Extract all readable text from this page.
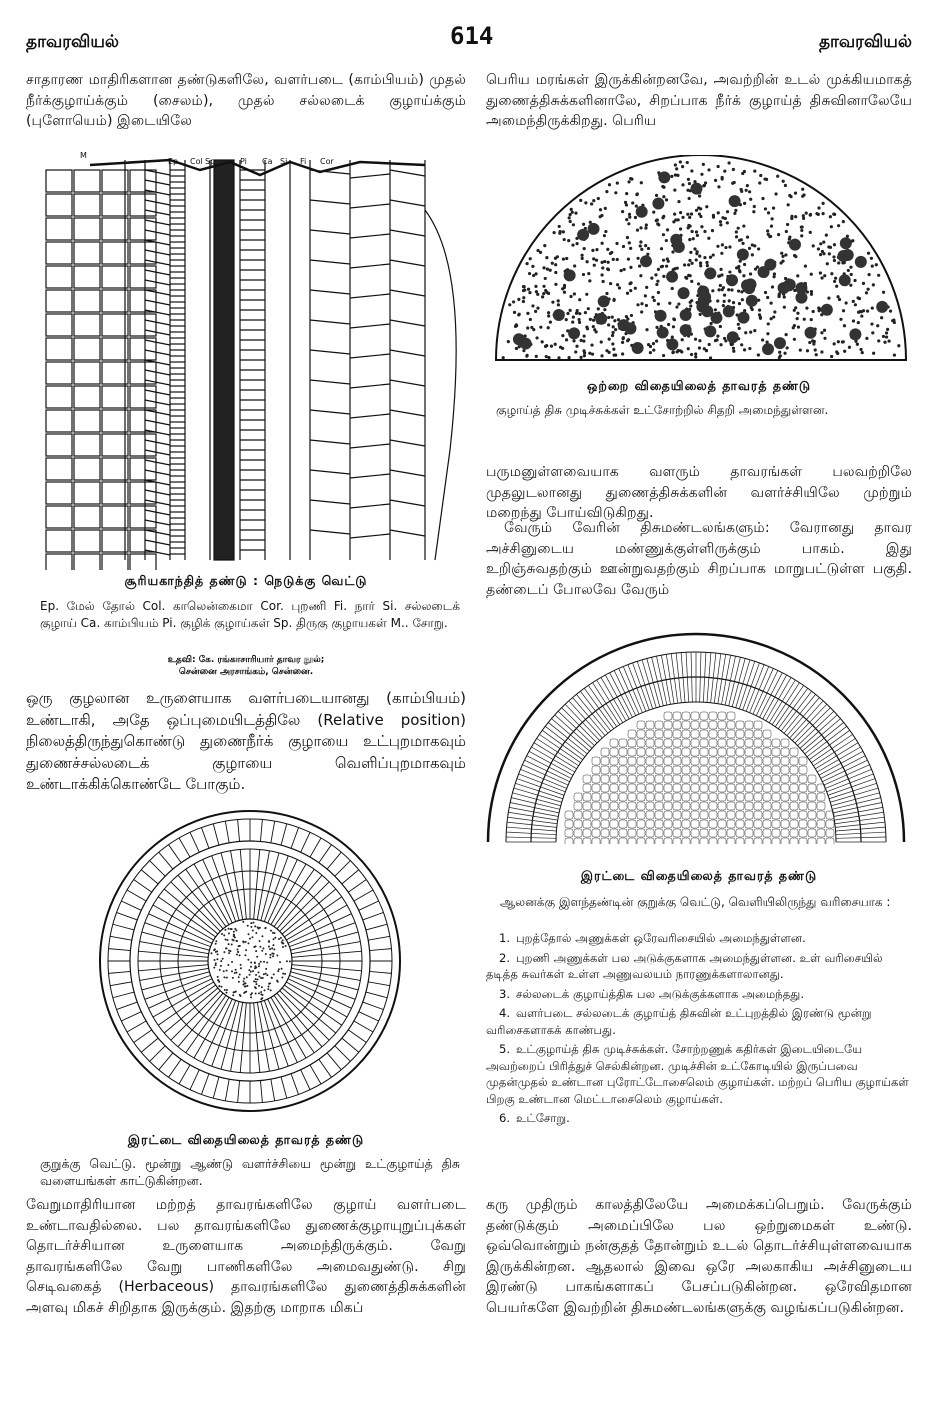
தாவரவியல்	614	தாவரவியல்

சாதாரண மாதிரிகளான தண்டுகளிலே, வளர்படை (காம்பியம்) முதல் நீர்க்குழாய்க்கும் (சைலம்), முதல் சல்லடைக் குழாய்க்கும் (புளோயெம்) இடையிலே

M
Ep Col Sp	Pi Ca Si Fi Cor
சூரியகாந்தித் தண்டு : நெடுக்கு வெட்டு
Ep. மேல் தோல் Col. காலென்கைமா Cor. புறணி Fi. நார் Si. சல்லடைக் குழாய் Ca. காம்பியம் Pi. குழிக் குழாய்கள் Sp. திருகு குழாயகள் M.. சோறு.
உதவி: கே. ரங்காசாரியார் தாவர நூல்;
சென்னை அரசாங்கம், சென்னை.

ஒரு குழலான உருளையாக வளர்படையானது (காம்பியம்) உண்டாகி, அதே ஒப்புமையிடத்திலே (Relative position) நிலைத்திருந்துகொண்டு துணைநீர்க் குழாயை உட்புறமாகவும் துணைச்சல்லடைக் குழாயை வெளிப்புறமாகவும் உண்டாக்கிக்கொண்டே போகும்.

இரட்டை விதையிலைத் தாவரத் தண்டு
குறுக்கு வெட்டு. மூன்று ஆண்டு வளர்ச்சியை மூன்று உட்குழாய்த் திசு வளையங்கள் காட்டுகின்றன.

வேறுமாதிரியான மற்றத் தாவரங்களிலே குழாய் வளர்படை உண்டாவதில்லை. பல தாவரங்களிலே துணைக்குழாயுறுப்புக்கள் தொடர்ச்சியான உருளையாக அமைந்திருக்கும். வேறு தாவரங்களிலே வேறு பாணிகளிலே அமைவதுண்டு. சிறு செடிவகைத் (Herbaceous) தாவரங்களிலே துணைத்திசுக்களின் அளவு மிகச் சிறிதாக இருக்கும். இதற்கு மாறாக மிகப்

பெரிய மரங்கள் இருக்கின்றனவே, அவற்றின் உடல் முக்கியமாகத் துணைத்திசுக்களினாலே, சிறப்பாக நீர்க் குழாய்த் திசுவினாலேயே அமைந்திருக்கிறது. பெரிய

ஒற்றை விதையிலைத் தாவரத் தண்டு
குழாய்த் திசு முடிச்சுக்கள் உட்சோற்றில் சிதறி அமைந்துள்ளன.

பருமனுள்ளவையாக வளரும் தாவரங்கள் பலவற்றிலே முதலுடலானது துணைத்திசுக்களின் வளர்ச்சியிலே முற்றும் மறைந்து போய்விடுகிறது.

வேரும் வேரின் திசுமண்டலங்களும்: வேரானது தாவர அச்சினுடைய மண்ணுக்குள்ளிருக்கும் பாகம். இது உறிஞ்சுவதற்கும் ஊன்றுவதற்கும் சிறப்பாக மாறுபட்டுள்ள பகுதி. தண்டைப் போலவே வேரும்

இரட்டை விதையிலைத் தாவரத் தண்டு
ஆலனக்கு இளந்தண்டின் குறுக்கு வெட்டு, வெளியிலிருந்து வரிசையாக :

1. புறத்தோல் அணுக்கள் ஒரேவரிசையில் அமைந்துள்ளன.

2. புறணி அணுக்கள் பல அடுக்குகளாக அமைந்துள்ளன. உள் வரிசையில் தடித்த சுவர்கள் உள்ள அணுவலயம் நாரணுக்களாலானது.

3. சல்லடைக் குழாய்த்திசு பல அடுக்குக்களாக அமைந்தது.

4. வளர்படை சல்லடைக் குழாய்த் திசுவின் உட்புறத்தில் இரண்டு மூன்று வரிசைகளாகக் காண்பது.

5. உட்குழாய்த் திசு முடிச்சுக்கள். சோற்றணுக் கதிர்கள் இடையிடையே அவற்றைப் பிரித்துச் செல்கின்றன. முடிச்சின் உட்கோடியில் இருப்பவை முதன்முதல் உண்டான புரோட்டோசைலெம் குழாய்கள். மற்றப் பெரிய குழாய்கள் பிறகு உண்டான மெட்டாசைலெம் குழாய்கள்.

6. உட்சோறு.

கரு முதிரும் காலத்திலேயே அமைக்கப்பெறும். வேருக்கும் தண்டுக்கும் அமைப்பிலே பல ஒற்றுமைகள் உண்டு. ஒவ்வொன்றும் நன்குதத் தோன்றும் உடல் தொடர்ச்சியுள்ளவையாக இருக்கின்றன. ஆதலால் இவை ஒரே அலகாகிய அச்சினுடைய இரண்டு பாகங்களாகப் பேசப்படுகின்றன. ஒரேவிதமான பெயர்களே இவற்றின் திசுமண்டலங்களுக்கு வழங்கப்படுகின்றன.
